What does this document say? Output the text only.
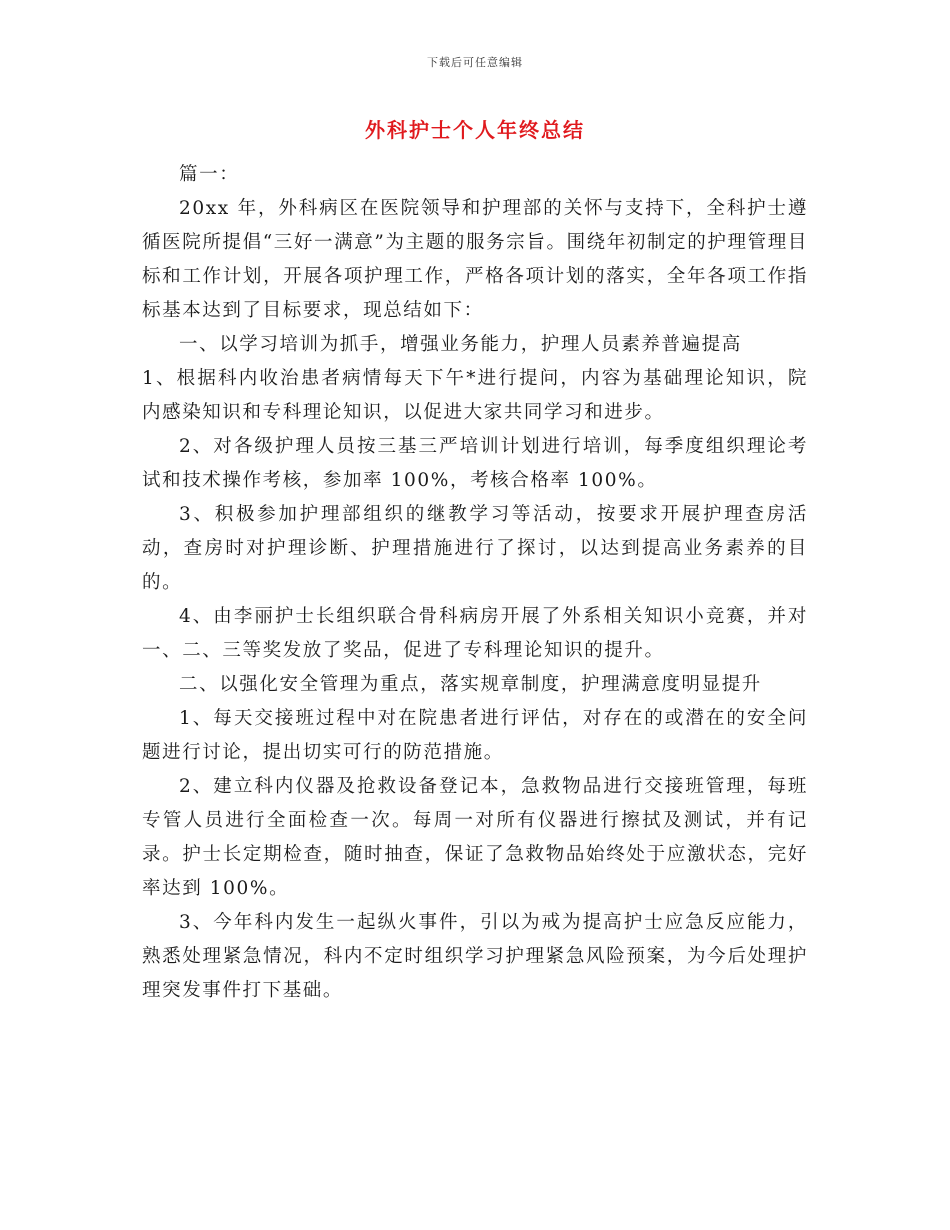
下载后可任意编辑
外科护士个人年终总结

篇一：

20xx 年，外科病区在医院领导和护理部的关怀与支持下，全科护士遵循医院所提倡“三好一满意”为主题的服务宗旨。围绕年初制定的护理管理目标和工作计划，开展各项护理工作，严格各项计划的落实，全年各项工作指标基本达到了目标要求，现总结如下：

一、以学习培训为抓手，增强业务能力，护理人员素养普遍提高

1、根据科内收治患者病情每天下午*进行提问，内容为基础理论知识，院内感染知识和专科理论知识，以促进大家共同学习和进步。

2、对各级护理人员按三基三严培训计划进行培训，每季度组织理论考试和技术操作考核，参加率 100%，考核合格率 100%。

3、积极参加护理部组织的继教学习等活动，按要求开展护理查房活动，查房时对护理诊断、护理措施进行了探讨，以达到提高业务素养的目的。

4、由李丽护士长组织联合骨科病房开展了外系相关知识小竞赛，并对一、二、三等奖发放了奖品，促进了专科理论知识的提升。

二、以强化安全管理为重点，落实规章制度，护理满意度明显提升

1、每天交接班过程中对在院患者进行评估，对存在的或潜在的安全问题进行讨论，提出切实可行的防范措施。

2、建立科内仪器及抢救设备登记本，急救物品进行交接班管理，每班专管人员进行全面检查一次。每周一对所有仪器进行擦拭及测试，并有记录。护士长定期检查，随时抽查，保证了急救物品始终处于应激状态，完好率达到 100%。

3、今年科内发生一起纵火事件，引以为戒为提高护士应急反应能力，熟悉处理紧急情况，科内不定时组织学习护理紧急风险预案，为今后处理护理突发事件打下基础。
